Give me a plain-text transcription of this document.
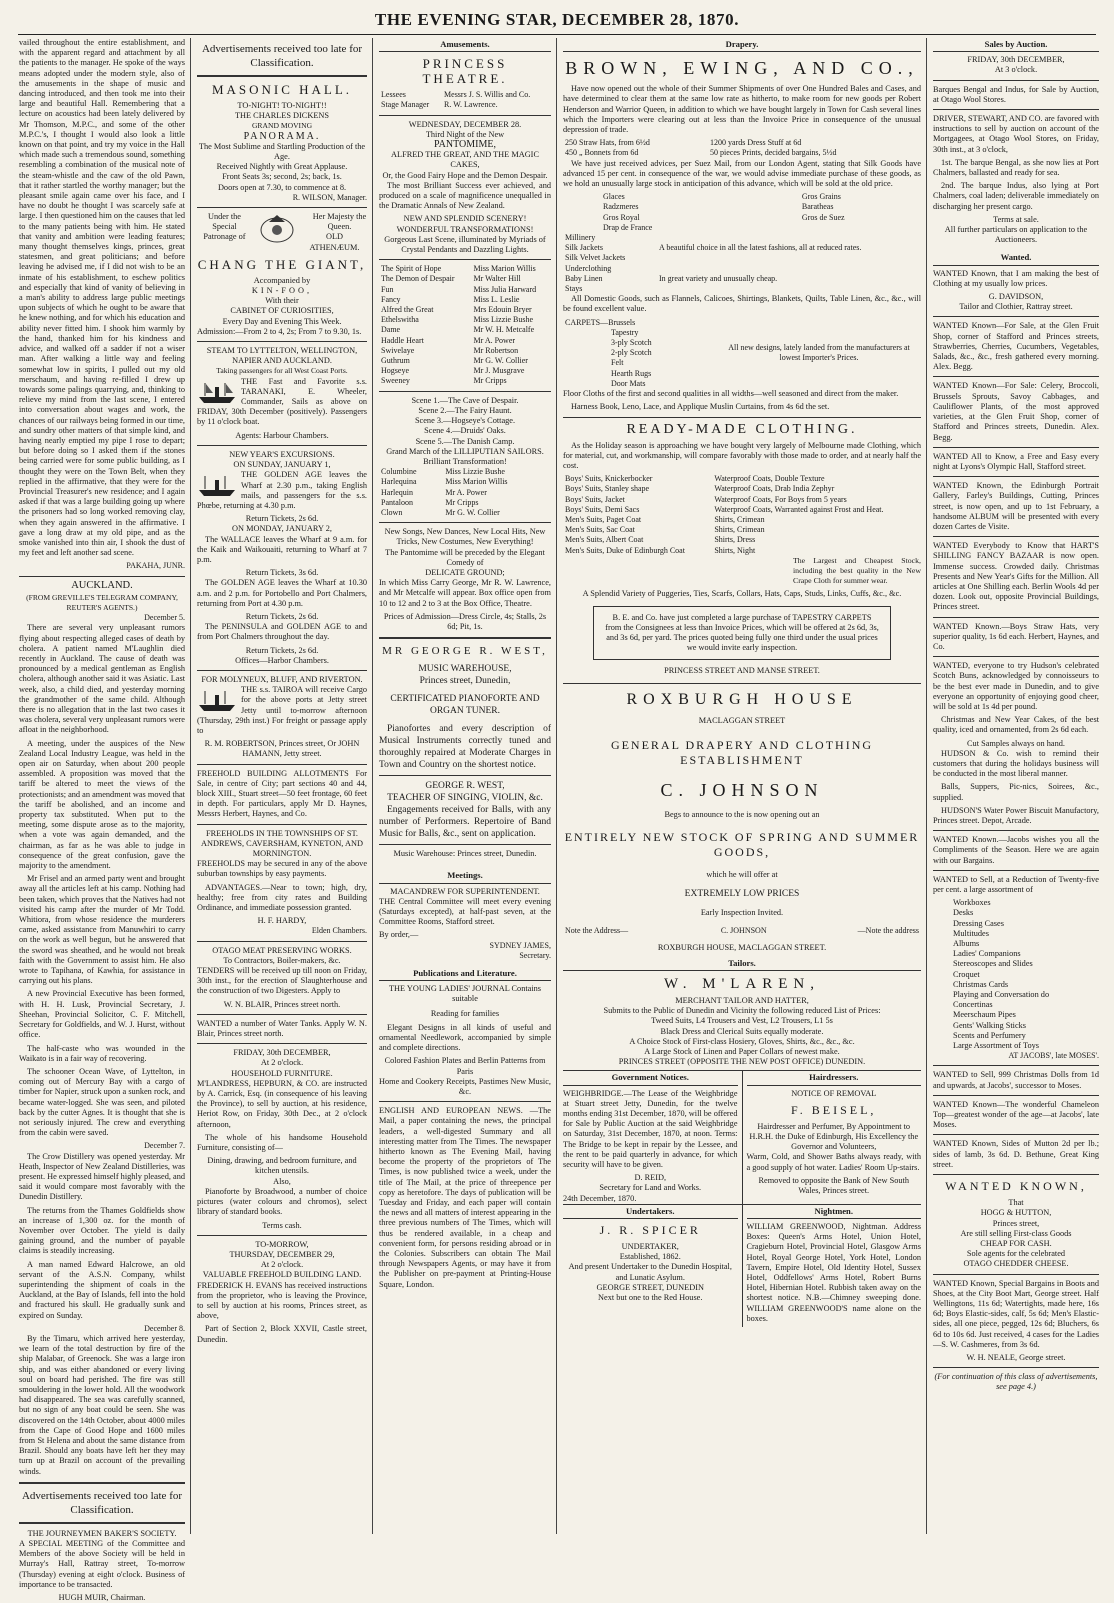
THE EVENING STAR, DECEMBER 28, 1870.

vailed throughout the entire establishment, and with the apparent regard and attachment by all the patients to the manager. He spoke of the ways means adopted under the modern style, also of the amusements in the shape of music and dancing introduced, and then took me into their large and beautiful Hall. Remembering that a lecture on acoustics had been lately delivered by Mr Thomson, M.P.C., and some of the other M.P.C.'s, I thought I would also look a little known on that point, and try my voice in the Hall which made such a tremendous sound, something resembling a combination of the musical note of the steam-whistle and the caw of the old Pawn, that it rather startled the worthy manager; but the pleasant smile again came over his face, and I have no doubt he thought I was scarcely safe at large. I then questioned him on the causes that led to the many patients being with him. He stated that vanity and ambition were leading features; many thought themselves kings, princes, great statesmen, and great politicians; and before leaving he advised me, if I did not wish to be an inmate of his establishment, to eschew politics and especially that kind of vanity of believing in a man's ability to address large public meetings upon subjects of which he ought to be aware that he knew nothing, and for which his education and ability never fitted him. I shook him warmly by the hand, thanked him for his kindness and advice, and walked off a sadder if not a wiser man. After walking a little way and feeling somewhat low in spirits, I pulled out my old merschaum, and having re-filled I drew up towards some palings quarrying, and, thinking to relieve my mind from the last scene, I entered into conversation about wages and work, the chances of our railways being formed in our time, and sundry other matters of that simple kind, and having nearly emptied my pipe I rose to depart; but before doing so I asked them if the stones being carried were for some public building, as I thought they were on the Town Belt, when they replied in the affirmative, that they were for the Provincial Treasurer's new residence; and I again asked if that was a large building going up where the prisoners had so long worked removing clay, when they again answered in the affirmative. I gave a long draw at my old pipe, and as the smoke vanished into thin air, I shook the dust of my feet and left another sad scene.

PAKAHA, JUNR.
AUCKLAND.
(FROM GREVILLE'S TELEGRAM COMPANY, REUTER'S AGENTS.)
December 5.

There are several very unpleasant rumors flying about respecting alleged cases of death by cholera. A patient named M'Laughlin died recently in Auckland. The cause of death was pronounced by a medical gentleman as English cholera, although another said it was Asiatic. Last week, also, a child died, and yesterday morning the grandmother of the same child. Although there is no allegation that in the last two cases it was cholera, several very unpleasant rumors were afloat in the neighborhood.

A meeting, under the auspices of the New Zealand Local Industry League, was held in the open air on Saturday, when about 200 people assembled. A proposition was moved that the tariff be altered to meet the views of the protectionists; and an amendment was moved that the tariff be abolished, and an income and property tax substituted. When put to the meeting, some dispute arose as to the majority, when a vote was again demanded, and the chairman, as far as he was able to judge in consequence of the great confusion, gave the majority to the amendment.

Mr Frisel and an armed party went and brought away all the articles left at his camp. Nothing had been taken, which proves that the Natives had not visited his camp after the murder of Mr Todd. Whitiora, from whose residence the murderers came, asked assistance from Manuwhiri to carry on the work as well begun, but he answered that the sword was sheathed, and he would not break faith with the Government to assist him. He also wrote to Tapihana, of Kawhia, for assistance in carrying out his plans.

A new Provincial Executive has been formed, with H. H. Lusk, Provincial Secretary, J. Sheehan, Provincial Solicitor, C. F. Mitchell, Secretary for Goldfields, and W. J. Hurst, without office.

The half-caste who was wounded in the Waikato is in a fair way of recovering.

The schooner Ocean Wave, of Lyttelton, in coming out of Mercury Bay with a cargo of timber for Napier, struck upon a sunken rock, and became water-logged. She was seen, and piloted back by the cutter Agnes. It is thought that she is not seriously injured. The crew and everything from the cabin were saved.

December 7.

The Crow Distillery was opened yesterday. Mr Heath, Inspector of New Zealand Distilleries, was present. He expressed himself highly pleased, and said it would compare most favorably with the Dunedin Distillery.

The returns from the Thames Goldfields show an increase of 1,300 oz. for the month of November over October. The yield is daily gaining ground, and the number of payable claims is steadily increasing.

A man named Edward Halcrowe, an old servant of the A.S.N. Company, whilst superintending the shipment of coals in the Auckland, at the Bay of Islands, fell into the hold and fractured his skull. He gradually sunk and expired on Sunday.

December 8.

By the Timaru, which arrived here yesterday, we learn of the total destruction by fire of the ship Malabar, of Greenock. She was a large iron ship, and was either abandoned or every living soul on board had perished. The fire was still smouldering in the lower hold. All the woodwork had disappeared. The sea was carefully scanned, but no sign of any boat could be seen. She was discovered on the 14th October, about 4000 miles from the Cape of Good Hope and 1600 miles from St Helena and about the same distance from Brazil. Should any boats have left her they may turn up at Brazil on account of the prevailing winds.

Advertisements received too late for Classification.
THE JOURNEYMEN BAKER'S SOCIETY.

A SPECIAL MEETING of the Committee and Members of the above Society will be held in Murray's Hall, Rattray street, To-morrow (Thursday) evening at eight o'clock. Business of importance to be transacted.

HUGH MUIR, Chairman.
Advertisements received too late for Classification.
MASONIC HALL.
TO-NIGHT! TO-NIGHT!!
THE CHARLES DICKENS
GRAND MOVING
PANORAMA.
The Most Sublime and Startling Production of the Age.
Received Nightly with Great Applause.
Front Seats 3s; second, 2s; back, 1s.
Doors open at 7.30, to commence at 8.
R. WILSON, Manager.
Under the Special Patronage of
Her Majesty the Queen.
OLD ATHENÆUM.
CHANG THE GIANT,
Accompanied by
KIN-FOO,
With their
CABINET OF CURIOSITIES,
Every Day and Evening This Week.

Admission:—From 2 to 4, 2s; From 7 to 9.30, 1s.

STEAM TO LYTTELTON, WELLINGTON, NAPIER AND AUCKLAND.
Taking passengers for all West Coast Ports.

THE Fast and Favorite s.s. TARANAKI, E. Wheeler, Commander, Sails as above on FRIDAY, 30th December (positively). Passengers by 11 o'clock boat.

Agents: Harbour Chambers.
NEW YEAR'S EXCURSIONS.
ON SUNDAY, JANUARY 1,

THE GOLDEN AGE leaves the Wharf at 2.30 p.m., taking English mails, and passengers for the s.s. Phœbe, returning at 4.30 p.m.

Return Tickets, 2s 6d.
ON MONDAY, JANUARY 2,

The WALLACE leaves the Wharf at 9 a.m. for the Kaik and Waikouaiti, returning to Wharf at 7 p.m.

Return Tickets, 3s 6d.

The GOLDEN AGE leaves the Wharf at 10.30 a.m. and 2 p.m. for Portobello and Port Chalmers, returning from Port at 4.30 p.m.

Return Tickets, 2s 6d.

The PENINSULA and GOLDEN AGE to and from Port Chalmers throughout the day.

Return Tickets, 2s 6d.
Offices—Harbor Chambers.
FOR MOLYNEUX, BLUFF, AND RIVERTON.

THE s.s. TAIROA will receive Cargo for the above ports at Jetty street Jetty until to-morrow afternoon (Thursday, 29th inst.) For freight or passage apply to

R. M. ROBERTSON, Princes street, Or JOHN HAMANN, Jetty street.

FREEHOLD BUILDING ALLOTMENTS For Sale, in centre of City; part sections 40 and 44, block XIII., Stuart street—50 feet frontage, 60 feet in depth. For particulars, apply Mr D. Haynes, Messrs Herbert, Haynes, and Co.

FREEHOLDS IN THE TOWNSHIPS OF ST. ANDREWS, CAVERSHAM, KYNETON, AND MORNINGTON.

FREEHOLDS may be secured in any of the above suburban townships by easy payments.

ADVANTAGES.—Near to town; high, dry, healthy; free from city rates and Building Ordinance, and immediate possession granted.

H. F. HARDY,
Elden Chambers.
OTAGO MEAT PRESERVING WORKS.
To Contractors, Boiler-makers, &c.

TENDERS will be received up till noon on Friday, 30th inst., for the erection of Slaughterhouse and the construction of two Digesters. Apply to

W. N. BLAIR, Princes street north.

WANTED a number of Water Tanks. Apply W. N. Blair, Princes street north.

FRIDAY, 30th DECEMBER,
At 2 o'clock.
HOUSEHOLD FURNITURE.

M'LANDRESS, HEPBURN, & CO. are instructed by A. Carrick, Esq. (in consequence of his leaving the Province), to sell by auction, at his residence, Heriot Row, on Friday, 30th Dec., at 2 o'clock afternoon,

The whole of his handsome Household Furniture, consisting of—

Dining, drawing, and bedroom furniture, and kitchen utensils.
Also,

Pianoforte by Broadwood, a number of choice pictures (water colours and chromos), select library of standard books.

Terms cash.
TO-MORROW,
THURSDAY, DECEMBER 29,
At 2 o'clock.
VALUABLE FREEHOLD BUILDING LAND.

FREDERICK H. EVANS has received instructions from the proprietor, who is leaving the Province, to sell by auction at his rooms, Princes street, as above,

Part of Section 2, Block XXVII, Castle street, Dunedin.

Amusements.
PRINCESS THEATRE.
Lessees	Messrs J. S. Willis and Co.
Stage Manager	R. W. Lawrence.
WEDNESDAY, DECEMBER 28.
Third Night of the New
PANTOMIME,
ALFRED THE GREAT, AND THE MAGIC CAKES,
Or, the Good Fairy Hope and the Demon Despair.

The most Brilliant Success ever achieved, and produced on a scale of magnificence unequalled in the Dramatic Annals of New Zealand.

NEW AND SPLENDID SCENERY!
WONDERFUL TRANSFORMATIONS!
Gorgeous Last Scene, illuminated by Myriads of Crystal Pendants and Dazzling Lights.
The Spirit of Hope	Miss Marion Willis
The Demon of Despair	Mr Walter Hill
Fun	Miss Julia Harward
Fancy	Miss L. Leslie
Alfred the Great	Mrs Edouin Bryer
Ethelswitha	Miss Lizzie Bushe
Dame	Mr W. H. Metcalfe
Haddle Heart	Mr A. Power
Swivelaye	Mr Robertson
Guthrum	Mr G. W. Collier
Hogseye	Mr J. Musgrave
Sweeney	Mr Cripps
Scene 1.—The Cave of Despair.
Scene 2.—The Fairy Haunt.
Scene 3.—Hogseye's Cottage.
Scene 4.—Druids' Oaks.
Scene 5.—The Danish Camp.
Grand March of the LILLIPUTIAN SAILORS.
Brilliant Transformation!
Columbine	Miss Lizzie Bushe
Harlequina	Miss Marion Willis
Harlequin	Mr A. Power
Pantaloon	Mr Cripps
Clown	Mr G. W. Collier
New Songs, New Dances, New Local Hits, New Tricks, New Costumes, New Everything!
The Pantomime will be preceded by the Elegant Comedy of
DELICATE GROUND;

In which Miss Carry George, Mr R. W. Lawrence, and Mr Metcalfe will appear. Box office open from 10 to 12 and 2 to 3 at the Box Office, Theatre.

Prices of Admission—Dress Circle, 4s; Stalls, 2s 6d; Pit, 1s.
MR GEORGE R. WEST,
MUSIC WAREHOUSE,
Princes street, Dunedin,
CERTIFICATED PIANOFORTE AND ORGAN TUNER.

Pianofortes and every description of Musical Instruments correctly tuned and thoroughly repaired at Moderate Charges in Town and Country on the shortest notice.

GEORGE R. WEST,
TEACHER OF SINGING, VIOLIN, &c.

Engagements received for Balls, with any number of Performers. Repertoire of Band Music for Balls, &c., sent on application.

Music Warehouse: Princes street, Dunedin.
Meetings.
MACANDREW FOR SUPERINTENDENT.

THE Central Committee will meet every evening (Saturdays excepted), at half-past seven, at the Committee Rooms, Stafford street.

By order,—
SYDNEY JAMES,
Secretary.
Publications and Literature.
THE YOUNG LADIES' JOURNAL Contains suitable
Reading for families

Elegant Designs in all kinds of useful and ornamental Needlework, accompanied by simple and complete directions.

Colored Fashion Plates and Berlin Patterns from Paris
Home and Cookery Receipts, Pastimes New Music, &c.

ENGLISH AND EUROPEAN NEWS. —The Mail, a paper containing the news, the principal leaders, a well-digested Summary and all interesting matter from The Times. The newspaper hitherto known as The Evening Mail, having become the property of the proprietors of The Times, is now published twice a week, under the title of The Mail, at the price of threepence per copy as heretofore. The days of publication will be Tuesday and Friday, and each paper will contain the news and all matters of interest appearing in the three previous numbers of The Times, which will thus be rendered available, in a cheap and convenient form, for persons residing abroad or in the Colonies. Subscribers can obtain The Mail through Newspapers Agents, or may have it from the Publisher on pre-payment at Printing-House Square, London.

Drapery.
BROWN, EWING, AND CO.,

Have now opened out the whole of their Summer Shipments of over One Hundred Bales and Cases, and have determined to clear them at the same low rate as hitherto, to make room for new goods per Robert Henderson and Warrior Queen, in addition to which we have bought largely in Town for Cash several lines which the Importers were clearing out at less than the Invoice Price in consequence of the unusual depression of trade.

250 Straw Hats, from 6½d	1200 yards Dress Stuff at 6d
450 „ Bonnets from 6d	50 pieces Prints, decided bargains, 5½d

We have just received advices, per Suez Mail, from our London Agent, stating that Silk Goods have advanced 15 per cent. in consequence of the war, we would advise immediate purchase of these goods, as we hold an unusually large stock in anticipation of this advance, which will be sold at the old price.

Glaces	Gros Grains
Radzmeres	Baratheas
Gros Royal	Gros de Suez
Drap de France	
Millinery
Silk Jackets
Silk Velvet Jackets	A beautiful choice in all the latest fashions, all at reduced rates.

Underclothing
Baby Linen
Stays	In great variety and unusually cheap.

All Domestic Goods, such as Flannels, Calicoes, Shirtings, Blankets, Quilts, Table Linen, &c., &c., will be found excellent value.

CARPETS—Brussels
Tapestry
3-ply Scotch
2-ply Scotch
Felt
Hearth Rugs
Door Mats
	All new designs, lately landed from the manufacturers at lowest Importer's Prices.

Floor Cloths of the first and second qualities in all widths—well seasoned and direct from the maker.

Harness Book, Leno, Lace, and Applique Muslin Curtains, from 4s 6d the set.

READY-MADE CLOTHING.

As the Holiday season is approaching we have bought very largely of Melbourne made Clothing, which for material, cut, and workmanship, will compare favorably with those made to order, and at nearly half the cost.

Boys' Suits, Knickerbocker	Waterproof Coats, Double Texture
Boys' Suits, Stanley shape	Waterproof Coats, Drab India Zephyr
Boys' Suits, Jacket	Waterproof Coats, For Boys from 5 years
Boys' Suits, Demi Sacs	Waterproof Coats, Warranted against Frost and Heat.
Men's Suits, Paget Coat	Shirts, Crimean
Men's Suits, Sac Coat	Shirts, Crimean
Men's Suits, Albert Coat	Shirts, Dress
Men's Suits, Duke of Edinburgh Coat	Shirts, Night
The Largest and Cheapest Stock, including the best quality in the New Crape Cloth for summer wear.
A Splendid Variety of Puggeries, Ties, Scarfs, Collars, Hats, Caps, Studs, Links, Cuffs, &c., &c.
B. E. and Co. have just completed a large purchase of TAPESTRY CARPETS from the Consignees at less than Invoice Prices, which will be offered at 2s 6d, 3s, and 3s 6d, per yard. The prices quoted being fully one third under the usual prices we would invite early inspection.
PRINCESS STREET AND MANSE STREET.
ROXBURGH HOUSE
MACLAGGAN STREET
GENERAL DRAPERY AND CLOTHING ESTABLISHMENT
C. JOHNSON
Begs to announce to the is now opening out an
ENTIRELY NEW STOCK OF SPRING AND SUMMER GOODS,
which he will offer at
EXTREMELY LOW PRICES
Early Inspection Invited.
Note the Address—	C. JOHNSON	—Note the address
ROXBURGH HOUSE, MACLAGGAN STREET.
Tailors.
W. M'LAREN,
MERCHANT TAILOR AND HATTER,
Submits to the Public of Dunedin and Vicinity the following reduced List of Prices:
Tweed Suits, L4 Trousers and Vest, L2 Trousers, L1 5s
Black Dress and Clerical Suits equally moderate.
A Choice Stock of First-class Hosiery, Gloves, Shirts, &c., &c., &c.
A Large Stock of Linen and Paper Collars of newest make.
PRINCES STREET (OPPOSITE THE NEW POST OFFICE) DUNEDIN.
Government Notices.

WEIGHBRIDGE.—The Lease of the Weighbridge at Stuart street Jetty, Dunedin, for the twelve months ending 31st December, 1870, will be offered for Sale by Public Auction at the said Weighbridge on Saturday, 31st December, 1870, at noon. Terms: The Bridge to be kept in repair by the Lessee, and the rent to be paid quarterly in advance, for which security will have to be given.

D. REID,
Secretary for Land and Works.
24th December, 1870.
Hairdressers.
NOTICE OF REMOVAL
F. BEISEL,
Hairdresser and Perfumer, By Appointment to H.R.H. the Duke of Edinburgh, His Excellency the Governor and Volunteers,

Warm, Cold, and Shower Baths always ready, with a good supply of hot water. Ladies' Room Up-stairs.

Removed to opposite the Bank of New South Wales, Princes street.
Undertakers.
J. R. SPICER
UNDERTAKER,
Established, 1862.
And present Undertaker to the Dunedin Hospital, and Lunatic Asylum.
GEORGE STREET, DUNEDIN
Next but one to the Red House.
Nightmen.

WILLIAM GREENWOOD, Nightman. Address Boxes: Queen's Arms Hotel, Union Hotel, Cragieburn Hotel, Provincial Hotel, Glasgow Arms Hotel, Royal George Hotel, York Hotel, London Tavern, Empire Hotel, Old Identity Hotel, Sussex Hotel, Oddfellows' Arms Hotel, Robert Burns Hotel, Hibernian Hotel. Rubbish taken away on the shortest notice. N.B.—Chimney sweeping done. WILLIAM GREENWOOD'S name alone on the boxes.

Sales by Auction.
FRIDAY, 30th DECEMBER,
At 3 o'clock.

Barques Bengal and Indus, for Sale by Auction, at Otago Wool Stores.

DRIVER, STEWART, AND CO. are favored with instructions to sell by auction on account of the Mortgagees, at Otago Wool Stores, on Friday, 30th inst., at 3 o'clock,

1st. The barque Bengal, as she now lies at Port Chalmers, ballasted and ready for sea.

2nd. The barque Indus, also lying at Port Chalmers, coal laden; deliverable immediately on discharging her present cargo.

Terms at sale.
All further particulars on application to the Auctioneers.
Wanted.

WANTED Known, that I am making the best of Clothing at my usually low prices.

G. DAVIDSON,
Tailor and Clothier, Rattray street.

WANTED Known—For Sale, at the Glen Fruit Shop, corner of Stafford and Princes streets, Strawberries, Cherries, Cucumbers, Vegetables, Salads, &c., &c., fresh gathered every morning. Alex. Begg.

WANTED Known—For Sale: Celery, Broccoli, Brussels Sprouts, Savoy Cabbages, and Cauliflower Plants, of the most approved varieties, at the Glen Fruit Shop, corner of Stafford and Princes streets, Dunedin. Alex. Begg.

WANTED All to Know, a Free and Easy every night at Lyons's Olympic Hall, Stafford street.

WANTED Known, the Edinburgh Portrait Gallery, Farley's Buildings, Cutting, Princes street, is now open, and up to 1st February, a handsome ALBUM will be presented with every dozen Cartes de Visite.

WANTED Everybody to Know that HART'S SHILLING FANCY BAZAAR is now open. Immense success. Crowded daily. Christmas Presents and New Year's Gifts for the Million. All articles at One Shilling each. Berlin Wools 4d per dozen. Look out, opposite Provincial Buildings, Princes street.

WANTED Known.—Boys Straw Hats, very superior quality, 1s 6d each. Herbert, Haynes, and Co.

WANTED, everyone to try Hudson's celebrated Scotch Buns, acknowledged by connoisseurs to be the best ever made in Dunedin, and to give everyone an opportunity of enjoying good cheer, will be sold at 1s 4d per pound.

Christmas and New Year Cakes, of the best quality, iced and ornamented, from 2s 6d each.

Cut Samples always on hand.

HUDSON & Co. wish to remind their customers that during the holidays business will be conducted in the most liberal manner.

Balls, Suppers, Pic-nics, Soirees, &c., supplied.

HUDSON'S Water Power Biscuit Manufactory, Princes street. Depot, Arcade.

WANTED Known.—Jacobs wishes you all the Compliments of the Season. Here we are again with our Bargains.

WANTED to Sell, at a Reduction of Twenty-five per cent. a large assortment of

Workboxes
Desks
Dressing Cases
Multitudes
Albums
Ladies' Companions
Stereoscopes and Slides
Croquet
Christmas Cards
Playing and Conversation do
Concertinas
Meerschaum Pipes
Gents' Walking Sticks
Scents and Perfumery
Large Assortment of Toys
AT JACOBS', late MOSES'.

WANTED to Sell, 999 Christmas Dolls from 1d and upwards, at Jacobs', successor to Moses.

WANTED Known—The wonderful Chameleon Top—greatest wonder of the age—at Jacobs', late Moses.

WANTED Known, Sides of Mutton 2d per lb.; sides of lamb, 3s 6d. D. Bethune, Great King street.

WANTED KNOWN,
That
HOGG & HUTTON,
Princes street,
Are still selling First-class Goods
CHEAP FOR CASH.
Sole agents for the celebrated
OTAGO CHEDDER CHEESE.

WANTED Known, Special Bargains in Boots and Shoes, at the City Boot Mart, George street. Half Wellingtons, 11s 6d; Watertights, made here, 16s 6d; Boys Elastic-sides, calf, 5s 6d; Men's Elastic-sides, all one piece, pegged, 12s 6d; Bluchers, 6s 6d to 10s 6d. Just received, 4 cases for the Ladies—S. W. Cashmeres, from 3s 6d.

W. H. NEALE, George street.
(For continuation of this class of advertisements, see page 4.)
